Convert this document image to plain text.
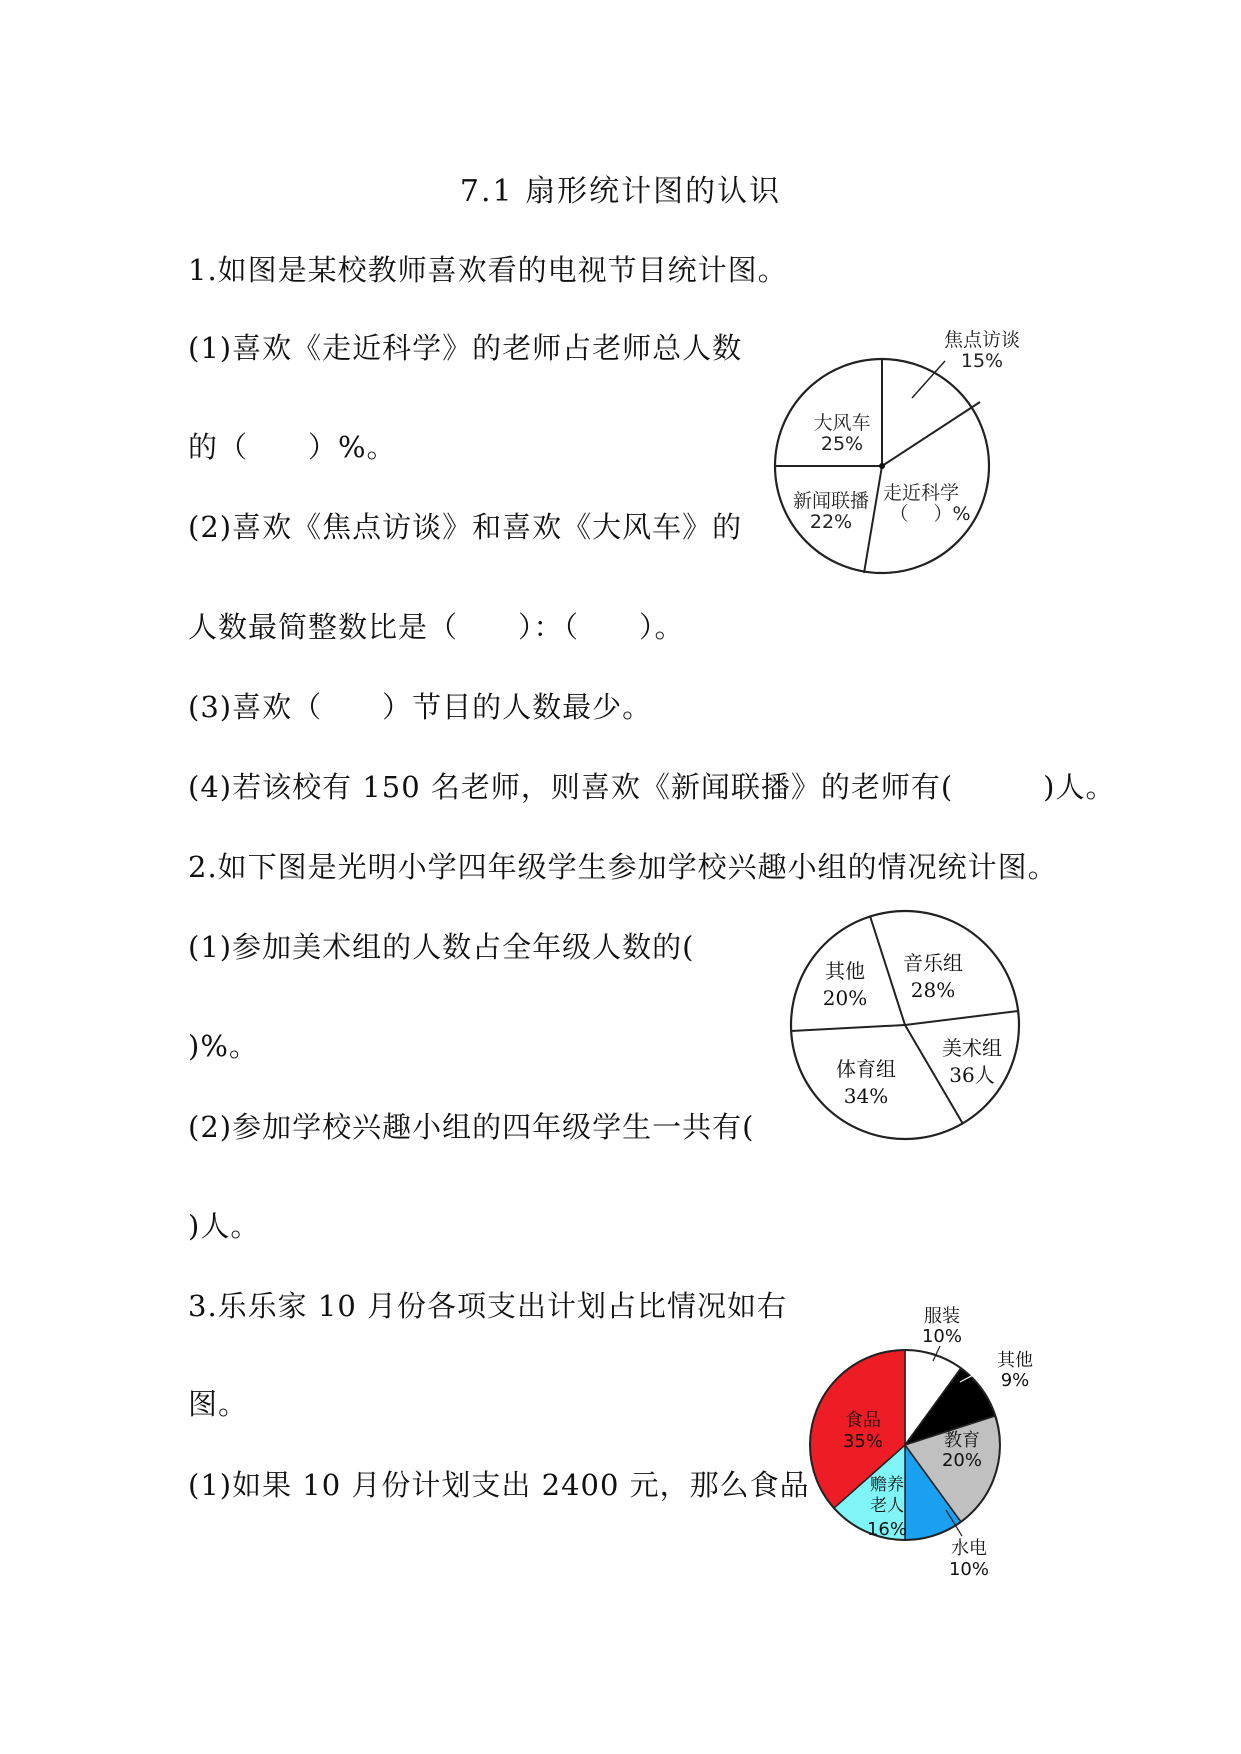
7.1 扇形统计图的认识
1.如图是某校教师喜欢看的电视节目统计图。
(1)喜欢《走近科学》的老师占老师总人数
的（　　）%。
(2)喜欢《焦点访谈》和喜欢《大风车》的
人数最简整数比是（　　）：（　　）。
(3)喜欢（　　）节目的人数最少。
(4)若该校有 150 名老师，则喜欢《新闻联播》的老师有(　　　)人。
2.如下图是光明小学四年级学生参加学校兴趣小组的情况统计图。
(1)参加美术组的人数占全年级人数的(
)%。
(2)参加学校兴趣小组的四年级学生一共有(
)人。
3.乐乐家 10 月份各项支出计划占比情况如右
图。
(1)如果 10 月份计划支出 2400 元，那么食品
焦点访谈
15%
走近科学
（　 ）%
新闻联播
22%
大风车
25%
音乐组
28%
美术组
36人
体育组
34%
其他
20%
服装
10%
其他
9%
教育
20%
水电
10%
赡养老人
16%
食品
35%
